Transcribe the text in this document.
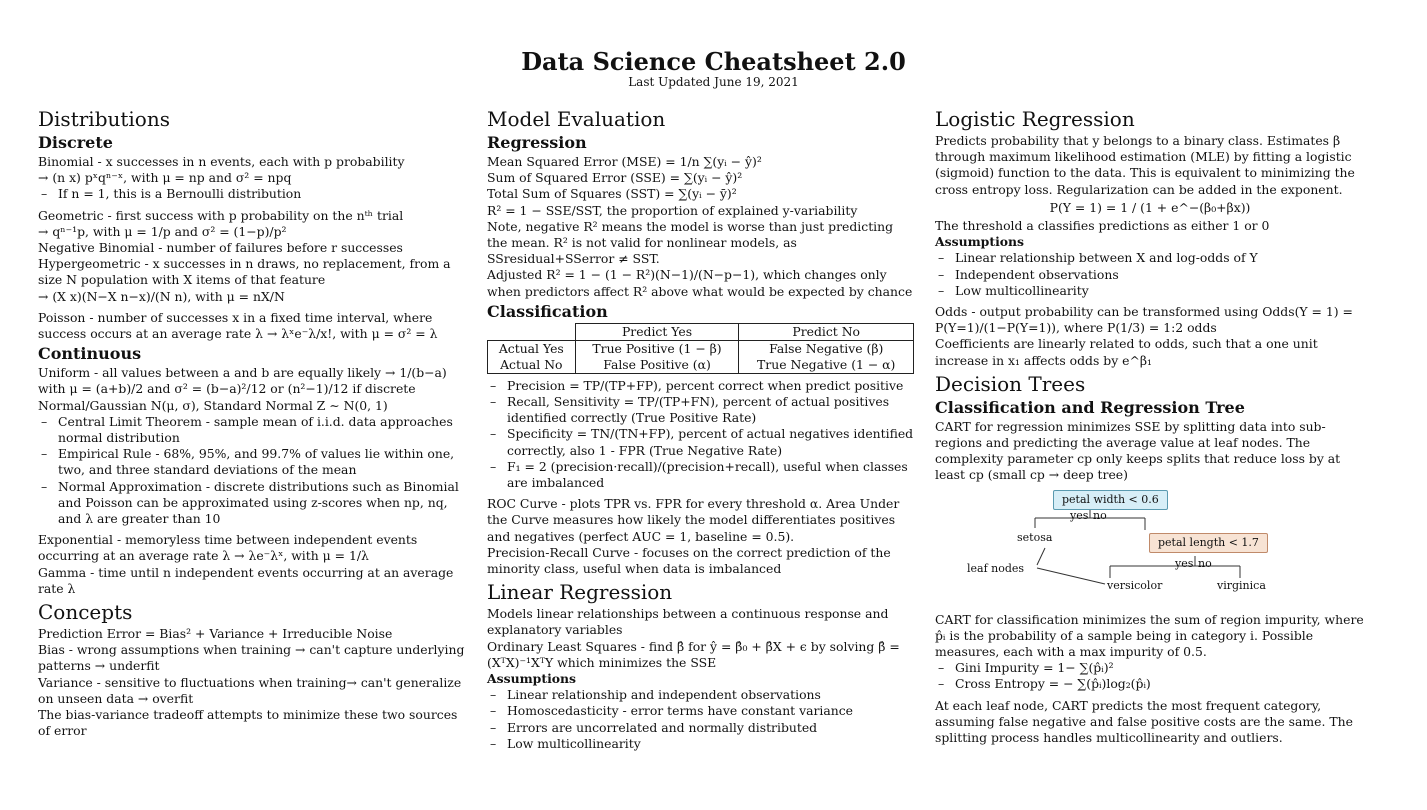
Data Science Cheatsheet 2.0
Last Updated June 19, 2021
Distributions
Discrete

Binomial - x successes in n events, each with p probability

→ (n x) pˣqⁿ⁻ˣ, with μ = np and σ² = npq

– If n = 1, this is a Bernoulli distribution

Geometric - first success with p probability on the nᵗʰ trial

→ qⁿ⁻¹p, with μ = 1/p and σ² = (1−p)/p²

Negative Binomial - number of failures before r successes

Hypergeometric - x successes in n draws, no replacement, from a size N population with X items of that feature

→ (X x)(N−X n−x)/(N n), with μ = nX/N

Poisson - number of successes x in a fixed time interval, where success occurs at an average rate λ → λˣe⁻λ/x!, with μ = σ² = λ

Continuous

Uniform - all values between a and b are equally likely → 1/(b−a) with μ = (a+b)/2 and σ² = (b−a)²/12 or (n²−1)/12 if discrete

Normal/Gaussian N(μ, σ), Standard Normal Z ∼ N(0, 1)

– Central Limit Theorem - sample mean of i.i.d. data approaches normal distribution
– Empirical Rule - 68%, 95%, and 99.7% of values lie within one, two, and three standard deviations of the mean
– Normal Approximation - discrete distributions such as Binomial and Poisson can be approximated using z-scores when np, nq, and λ are greater than 10

Exponential - memoryless time between independent events occurring at an average rate λ → λe⁻λˣ, with μ = 1/λ

Gamma - time until n independent events occurring at an average rate λ

Concepts

Prediction Error = Bias² + Variance + Irreducible Noise

Bias - wrong assumptions when training → can't capture underlying patterns → underfit

Variance - sensitive to fluctuations when training→ can't generalize on unseen data → overfit

The bias-variance tradeoff attempts to minimize these two sources of error

Model Evaluation
Regression

Mean Squared Error (MSE) = 1/n ∑(yᵢ − ŷ)²

Sum of Squared Error (SSE) = ∑(yᵢ − ŷ)²

Total Sum of Squares (SST) = ∑(yᵢ − ȳ)²

R² = 1 − SSE/SST, the proportion of explained y-variability

Note, negative R² means the model is worse than just predicting the mean. R² is not valid for nonlinear models, as SSresidual+SSerror ≠ SST.

Adjusted R² = 1 − (1 − R²)(N−1)/(N−p−1), which changes only when predictors affect R² above what would be expected by chance

Classification
	Predict Yes	Predict No
Actual Yes	True Positive (1 − β)	False Negative (β)
Actual No	False Positive (α)	True Negative (1 − α)
– Precision = TP/(TP+FP), percent correct when predict positive
– Recall, Sensitivity = TP/(TP+FN), percent of actual positives identified correctly (True Positive Rate)
– Specificity = TN/(TN+FP), percent of actual negatives identified correctly, also 1 - FPR (True Negative Rate)
– F₁ = 2 (precision·recall)/(precision+recall), useful when classes are imbalanced

ROC Curve - plots TPR vs. FPR for every threshold α. Area Under the Curve measures how likely the model differentiates positives and negatives (perfect AUC = 1, baseline = 0.5).

Precision-Recall Curve - focuses on the correct prediction of the minority class, useful when data is imbalanced

Linear Regression

Models linear relationships between a continuous response and explanatory variables

Ordinary Least Squares - find β̂ for ŷ = β̂₀ + β̂X + ϵ by solving β̂ = (XᵀX)⁻¹XᵀY which minimizes the SSE

Assumptions

– Linear relationship and independent observations
– Homoscedasticity - error terms have constant variance
– Errors are uncorrelated and normally distributed
– Low multicollinearity
Logistic Regression

Predicts probability that y belongs to a binary class. Estimates β through maximum likelihood estimation (MLE) by fitting a logistic (sigmoid) function to the data. This is equivalent to minimizing the cross entropy loss. Regularization can be added in the exponent.

P(Y = 1) = 1 / (1 + e^−(β₀+βx))

The threshold a classifies predictions as either 1 or 0

Assumptions

– Linear relationship between X and log-odds of Y
– Independent observations
– Low multicollinearity

Odds - output probability can be transformed using Odds(Y = 1) = P(Y=1)/(1−P(Y=1)), where P(1/3) = 1:2 odds

Coefficients are linearly related to odds, such that a one unit increase in x₁ affects odds by e^β₁

Decision Trees
Classification and Regression Tree

CART for regression minimizes SSE by splitting data into sub-regions and predicting the average value at leaf nodes. The complexity parameter cp only keeps splits that reduce loss by at least cp (small cp → deep tree)

petal width < 0.6
yes no
setosa	petal length < 1.7
yes no
leaf nodes
versicolor	virginica

CART for classification minimizes the sum of region impurity, where p̂ᵢ is the probability of a sample being in category i. Possible measures, each with a max impurity of 0.5.

– Gini Impurity = 1− ∑(p̂ᵢ)²
– Cross Entropy = − ∑(p̂ᵢ)log₂(p̂ᵢ)

At each leaf node, CART predicts the most frequent category, assuming false negative and false positive costs are the same. The splitting process handles multicollinearity and outliers.
